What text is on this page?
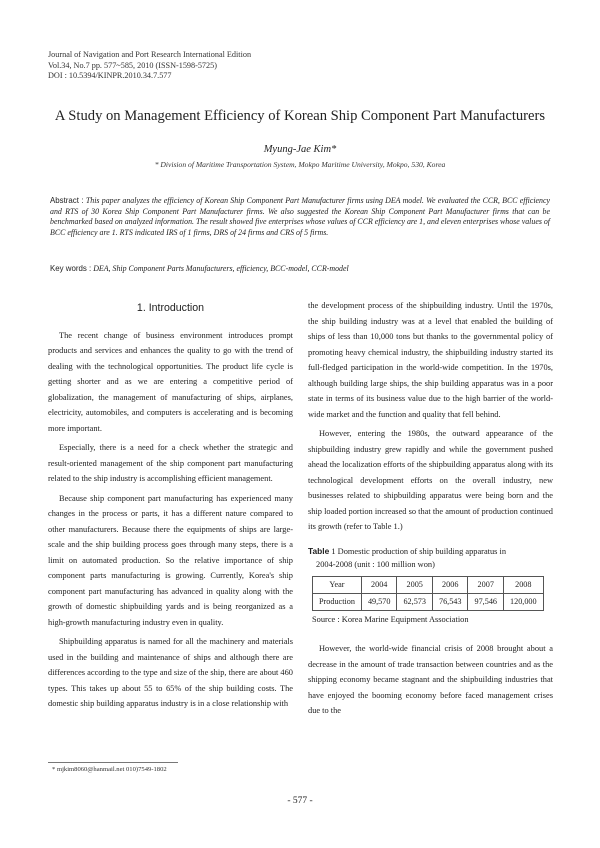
Journal of Navigation and Port Research International Edition
Vol.34, No.7 pp. 577~585, 2010 (ISSN-1598-5725)
DOI : 10.5394/KINPR.2010.34.7.577
A Study on Management Efficiency of Korean Ship Component Part Manufacturers
Myung-Jae Kim*
* Division of Maritime Transportation System, Mokpo Maritime University, Mokpo, 530, Korea
Abstract : This paper analyzes the efficiency of Korean Ship Component Part Manufacturer firms using DEA model. We evaluated the CCR, BCC efficiency and RTS of 30 Korea Ship Component Part Manufacturer firms. We also suggested the Korean Ship Component Part Manufacturer firms that can be benchmarked based on analyzed information. The result showed five enterprises whose values of CCR efficiency are 1, and eleven enterprises whose values of BCC efficiency are 1. RTS indicated IRS of 1 firms, DRS of 24 firms and CRS of 5 firms.
Key words : DEA, Ship Component Parts Manufacturers, efficiency, BCC-model, CCR-model
1. Introduction

The recent change of business environment introduces prompt products and services and enhances the quality to go with the trend of dealing with the technological opportunities. The product life cycle is getting shorter and as we are entering a competitive period of globalization, the management of manufacturing of ships, airplanes, electricity, automobiles, and computers is accelerating and is becoming more important.

Especially, there is a need for a check whether the strategic and result-oriented management of the ship component part manufacturing related to the ship industry is accomplishing efficient management.

Because ship component part manufacturing has experienced many changes in the process or parts, it has a different nature compared to other manufacturers. Because there the equipments of ships are large-scale and the ship building process goes through many steps, there is a limit on automated production. So the relative importance of ship component parts manufacturing is growing. Currently, Korea's ship component part manufacturing has advanced in quality along with the growth of domestic shipbuilding yards and is being reorganized as a high-growth manufacturing industry even in quality.

Shipbuilding apparatus is named for all the machinery and materials used in the building and maintenance of ships and although there are differences according to the type and size of the ship, there are about 460 types. This takes up about 55 to 65% of the ship building costs. The domestic ship building apparatus industry is in a close relationship with

the development process of the shipbuilding industry. Until the 1970s, the ship building industry was at a level that enabled the building of ships of less than 10,000 tons but thanks to the governmental policy of promoting heavy chemical industry, the shipbuilding industry started its full-fledged participation in the world-wide competition. In the 1970s, although building large ships, the ship building apparatus was in a poor state in terms of its business value due to the high barrier of the world-wide market and the function and quality that fell behind.

However, entering the 1980s, the outward appearance of the shipbuilding industry grew rapidly and while the government pushed ahead the localization efforts of the shipbuilding apparatus along with its technological development efforts on the overall industry, new businesses related to shipbuilding apparatus were being born and the ship loaded portion increased so that the amount of production continued its growth (refer to Table 1.)

Table 1 Domestic production of ship building apparatus in
2004-2008 (unit : 100 million won)
Year	2004	2005	2006	2007	2008
Production	49,570	62,573	76,543	97,546	120,000
Source : Korea Marine Equipment Association

However, the world-wide financial crisis of 2008 brought about a decrease in the amount of trade transaction between countries and as the shipping economy became stagnant and the shipbuilding industries that have enjoyed the booming economy before faced management crises due to the

* mjkim8060@hanmail.net 010)7549-1802
- 577 -
